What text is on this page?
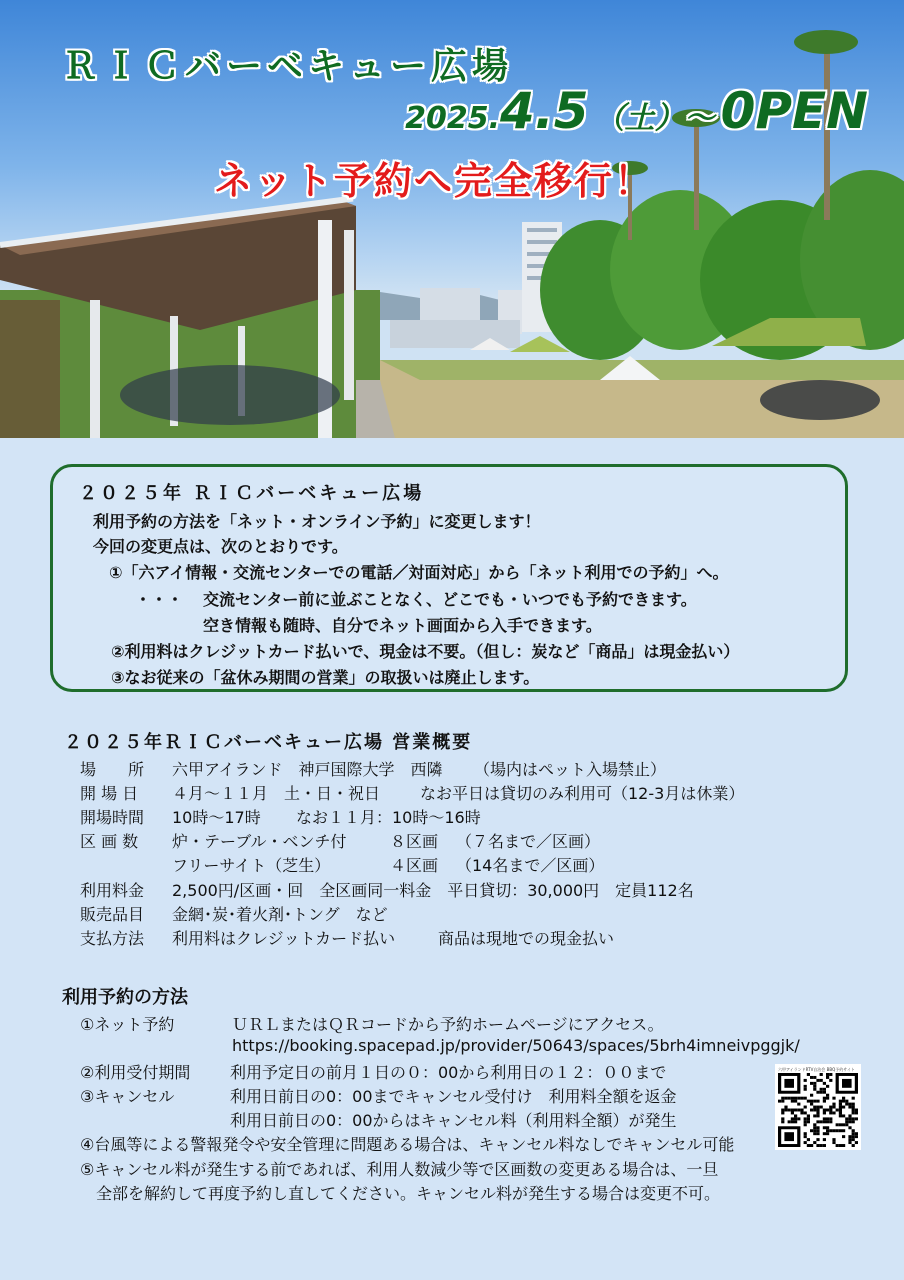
ＲＩＣバーベキュー広場
2025.4.5 （土）～ 0PEN
ネット予約へ完全移行！
２０２５年 ＲＩＣバーベキュー広場
利用予約の方法を「ネット・オンライン予約」に変更します！
今回の変更点は、次のとおりです。
①「六アイ情報・交流センターでの電話／対面対応」から「ネット利用での予約」へ。
・・・ 交流センター前に並ぶことなく、どこでも・いつでも予約できます。
空き情報も随時、自分でネット画面から入手できます。
②利用料はクレジットカード払いで、現金は不要。（但し：炭など「商品」は現金払い）
③なお従来の「盆休み期間の営業」の取扱いは廃止します。
２０２５年ＲＩＣバーベキュー広場 営業概要
場　　所 六甲アイランド　神戸国際大学　西隣 （場内はペット入場禁止）
開 場 日 ４月～１１月　土・日・祝日 なお平日は貸切のみ利用可（12-3月は休業）
開場時間 10時～17時 なお１１月：10時～16時
区 画 数 炉・テーブル・ベンチ付	８区画 （７名まで／区画）
フリーサイト（芝生）	４区画 （14名まで／区画）
利用料金 2,500円/区画・回　全区画同一料金　平日貸切：30,000円　定員112名
販売品目 金網･炭･着火剤･トング　など
支払方法 利用料はクレジットカード払い	商品は現地での現金払い
利用予約の方法
①ネット予約	ＵＲＬまたはＱＲコードから予約ホームページにアクセス。
https://booking.spacepad.jp/provider/50643/spaces/5brh4imneivpggjk/
②利用受付期間 利用予定日の前月１日の０：00から利用日の１２：００まで
③キャンセル	利用日前日の0：00までキャンセル受付け　利用料全額を返金
利用日前日の0：00からはキャンセル料（利用料全額）が発生
④台風等による警報発令や安全管理に問題ある場合は、キャンセル料なしでキャンセル可能
⑤キャンセル料が発生する前であれば、利用人数減少等で区画数の変更ある場合は、一旦
全部を解約して再度予約し直してください。キャンセル料が発生する場合は変更不可。
六甲アイランドRTV自治会 BBQ予約サイト
